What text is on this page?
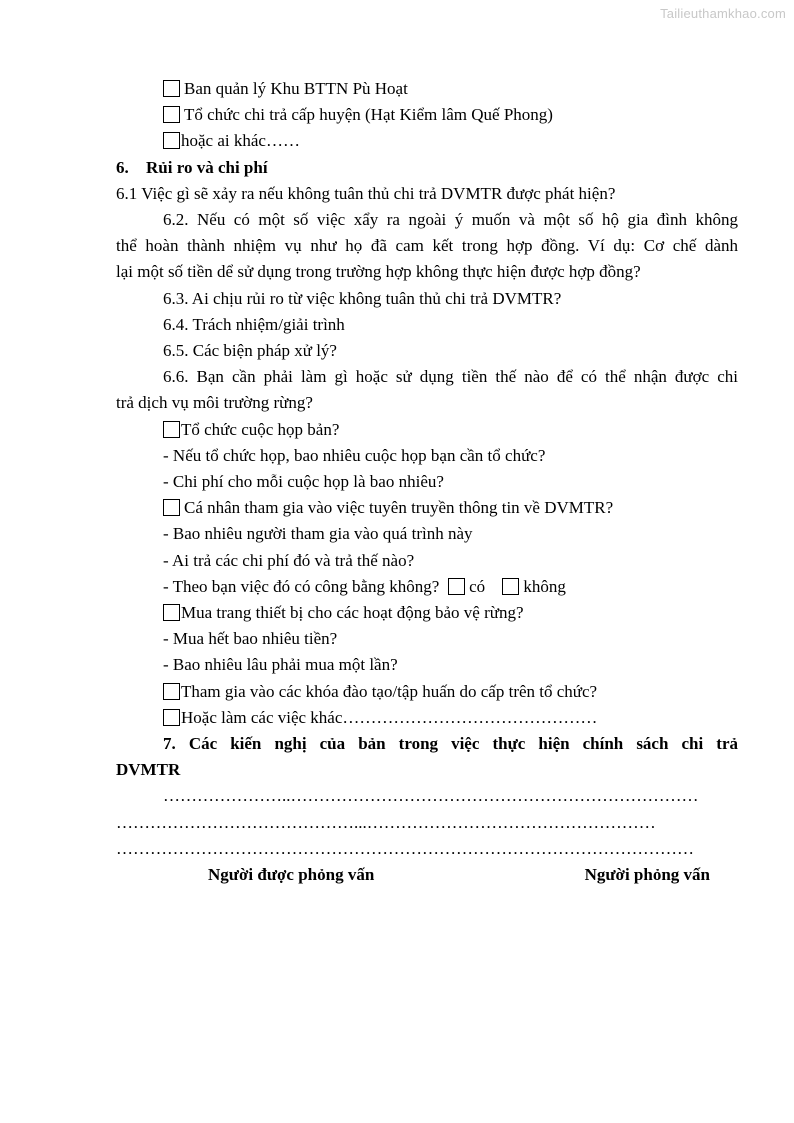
Tailieuthamkhao.com
Ban quản lý Khu BTTN Pù Hoạt
Tổ chức chi trả cấp huyện (Hạt Kiểm lâm Quế Phong)
hoặc ai khác……
6. Rủi ro và chi phí
6.1 Việc gì sẽ xảy ra nếu không tuân thủ chi trả DVMTR được phát hiện?
6.2. Nếu có một số việc xẩy ra ngoài ý muốn và một số hộ gia đình không
thể hoàn thành nhiệm vụ như họ đã cam kết trong hợp đồng. Ví dụ: Cơ chế dành
lại một số tiền dể sử dụng trong trường hợp không thực hiện được hợp đồng?
6.3. Ai chịu rủi ro từ việc không tuân thủ chi trả DVMTR?
6.4. Trách nhiệm/giải trình
6.5. Các biện pháp xử lý?
6.6. Bạn cần phải làm gì hoặc sử dụng tiền thế nào để có thể nhận được chi
trả dịch vụ môi trường rừng?
Tổ chức cuộc họp bản?
- Nếu tổ chức họp, bao nhiêu cuộc họp bạn cần tổ chức?
- Chi phí cho mỗi cuộc họp là bao nhiêu?
Cá nhân tham gia vào việc tuyên truyền thông tin về DVMTR?
- Bao nhiêu người tham gia vào quá trình này
- Ai trả các chi phí đó và trả thế nào?
- Theo bạn việc đó có công bằng không? có không
Mua trang thiết bị cho các hoạt động bảo vệ rừng?
- Mua hết bao nhiêu tiền?
- Bao nhiêu lâu phải mua một lần?
Tham gia vào các khóa đào tạo/tập huấn do cấp trên tổ chức?
Hoặc làm các việc khác………………………………………
7. Các kiến nghị của bản trong việc thực hiện chính sách chi trả
DVMTR
…………………..………………………………………………………………
……………………………………...……………………………………………
…………………………………………………………………………………………
Người được phỏng vấn	Người phỏng vấn
